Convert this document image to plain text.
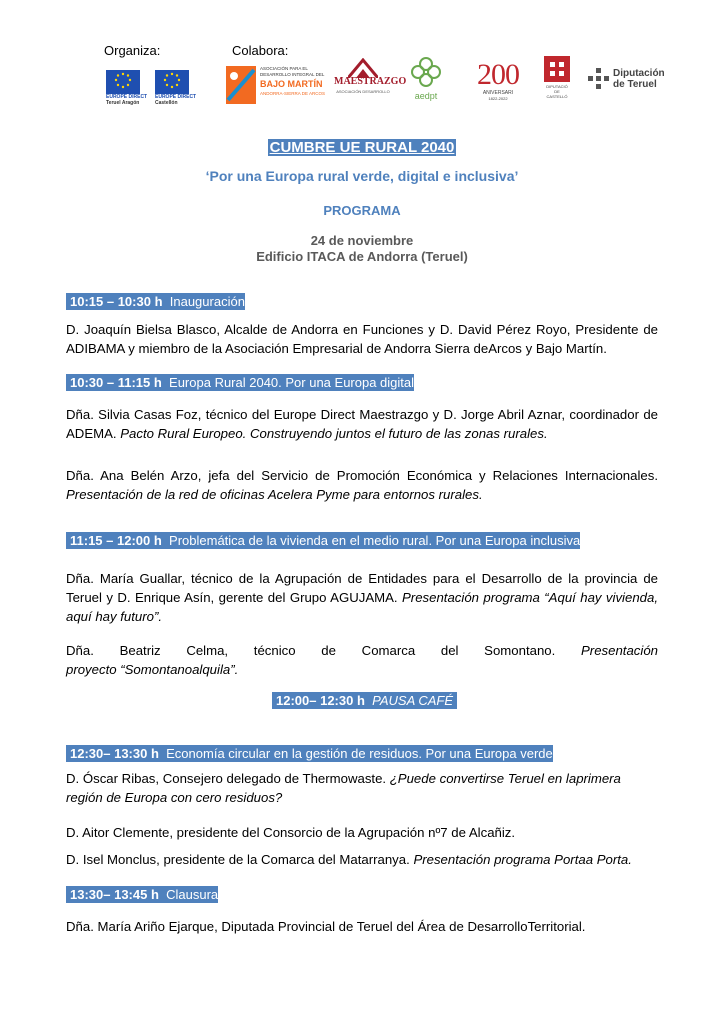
Organiza:	Colabora:
EUROPE DIRECT
Teruel Aragón
EUROPE DIRECT
Castellón
ASOCIACIÓN PARA EL
DESARROLLO INTEGRAL DEL
BAJO MARTÍN
ANDORRA-SIERRA DE ARCOS
MAESTRAZGO
ASOCIACIÓN DESARROLLO	aedpt
200
ANIVERSARI
1822-2022
DIPUTACIÓ
DE
CASTELLÓ
Diputación
de Teruel
CUMBRE UE RURAL 2040
‘Por una Europa rural verde, digital e inclusiva’
PROGRAMA
24 de noviembre
Edificio ITACA de Andorra (Teruel)
10:15 – 10:30 h Inauguración
D. Joaquín Bielsa Blasco, Alcalde de Andorra en Funciones y D. David Pérez Royo, Presidente de ADIBAMA y miembro de la Asociación Empresarial de Andorra Sierra deArcos y Bajo Martín.
10:30 – 11:15 h Europa Rural 2040. Por una Europa digital
Dña. Silvia Casas Foz, técnico del Europe Direct Maestrazgo y D. Jorge Abril Aznar, coordinador de ADEMA. Pacto Rural Europeo. Construyendo juntos el futuro de las zonas rurales.
Dña. Ana Belén Arzo, jefa del Servicio de Promoción Económica y Relaciones Internacionales. Presentación de la red de oficinas Acelera Pyme para entornos rurales.
11:15 – 12:00 h Problemática de la vivienda en el medio rural. Por una Europa inclusiva
Dña. María Guallar, técnico de la Agrupación de Entidades para el Desarrollo de la provincia de Teruel y D. Enrique Asín, gerente del Grupo AGUJAMA. Presentación programa “Aquí hay vivienda, aquí hay futuro”.
Dña. Beatriz Celma, técnico de Comarca del Somontano. Presentación proyecto “Somontanoalquila”.
12:00– 12:30 h PAUSA CAFÉ
12:30– 13:30 h Economía circular en la gestión de residuos. Por una Europa verde
D. Óscar Ribas, Consejero delegado de Thermowaste. ¿Puede convertirse Teruel en laprimera región de Europa con cero residuos?
D. Aitor Clemente, presidente del Consorcio de la Agrupación nº7 de Alcañiz.
D. Isel Monclus, presidente de la Comarca del Matarranya. Presentación programa Portaa Porta.
13:30– 13:45 h Clausura
Dña. María Ariño Ejarque, Diputada Provincial de Teruel del Área de DesarrolloTerritorial.
